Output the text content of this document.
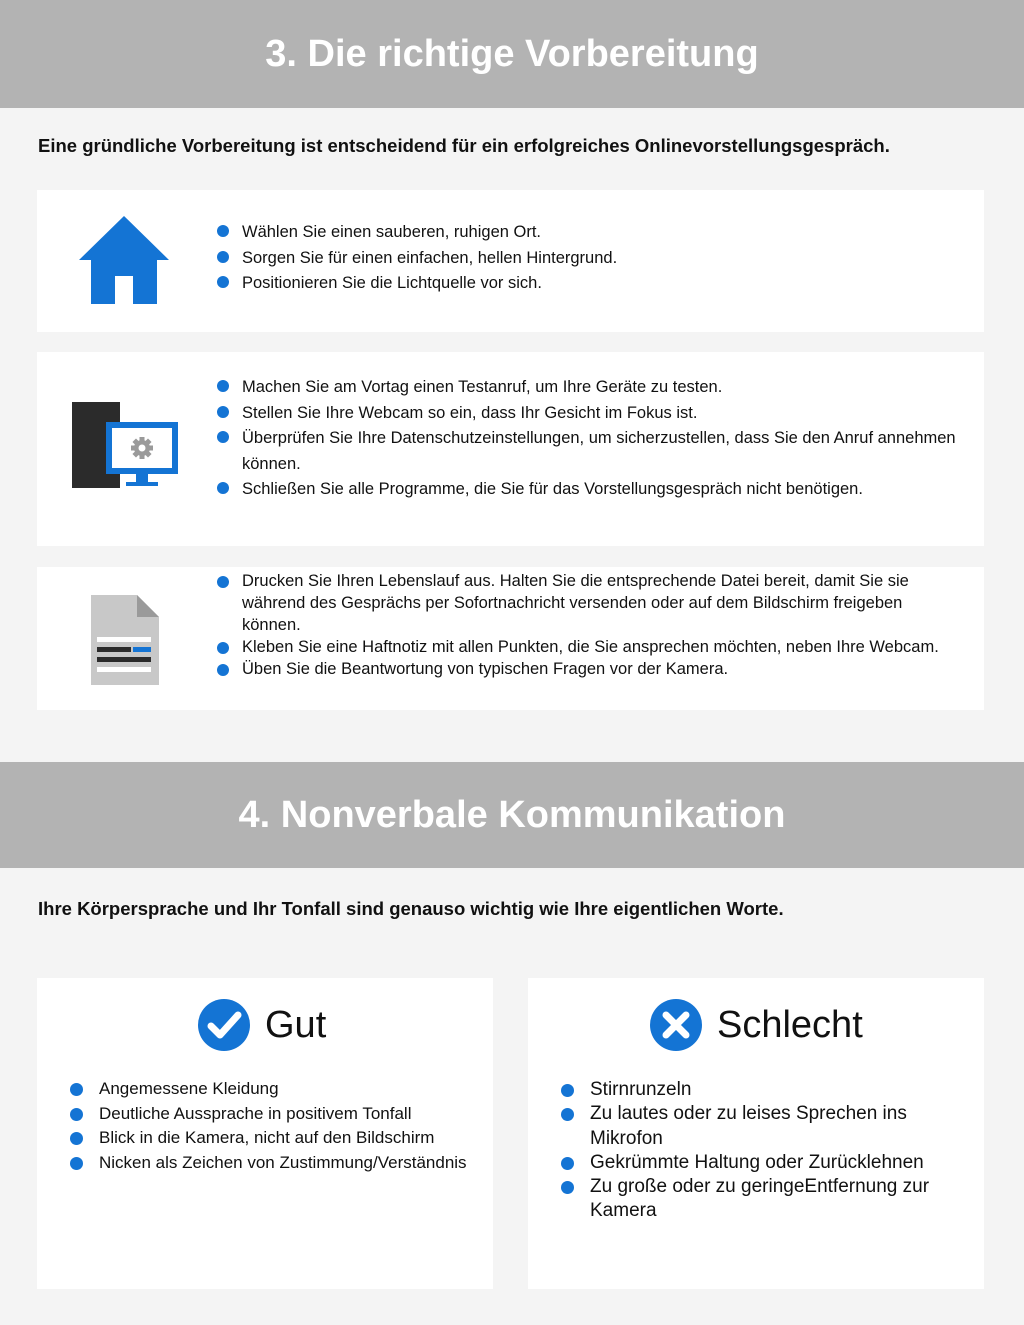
3. Die richtige Vorbereitung
Eine gründliche Vorbereitung ist entscheidend für ein erfolgreiches Onlinevorstellungsgespräch.
Wählen Sie einen sauberen, ruhigen Ort.
Sorgen Sie für einen einfachen, hellen Hintergrund.
Positionieren Sie die Lichtquelle vor sich.
Machen Sie am Vortag einen Testanruf, um Ihre Geräte zu testen.
Stellen Sie Ihre Webcam so ein, dass Ihr Gesicht im Fokus ist.
Überprüfen Sie Ihre Datenschutzeinstellungen, um sicherzustellen, dass Sie den Anruf annehmen können.
Schließen Sie alle Programme, die Sie für das Vorstellungsgespräch nicht benötigen.
Drucken Sie Ihren Lebenslauf aus. Halten Sie die entsprechende Datei bereit, damit Sie sie während des Gesprächs per Sofortnachricht versenden oder auf dem Bildschirm freigeben können.
Kleben Sie eine Haftnotiz mit allen Punkten, die Sie ansprechen möchten, neben Ihre Webcam.
Üben Sie die Beantwortung von typischen Fragen vor der Kamera.
4. Nonverbale Kommunikation
Ihre Körpersprache und Ihr Tonfall sind genauso wichtig wie Ihre eigentlichen Worte.
Gut
Angemessene Kleidung
Deutliche Aussprache in positivem Tonfall
Blick in die Kamera, nicht auf den Bildschirm
Nicken als Zeichen von Zustimmung/Verständnis
Schlecht
Stirnrunzeln
Zu lautes oder zu leises Sprechen ins Mikrofon
Gekrümmte Haltung oder Zurücklehnen
Zu große oder zu geringeEntfernung zur Kamera
